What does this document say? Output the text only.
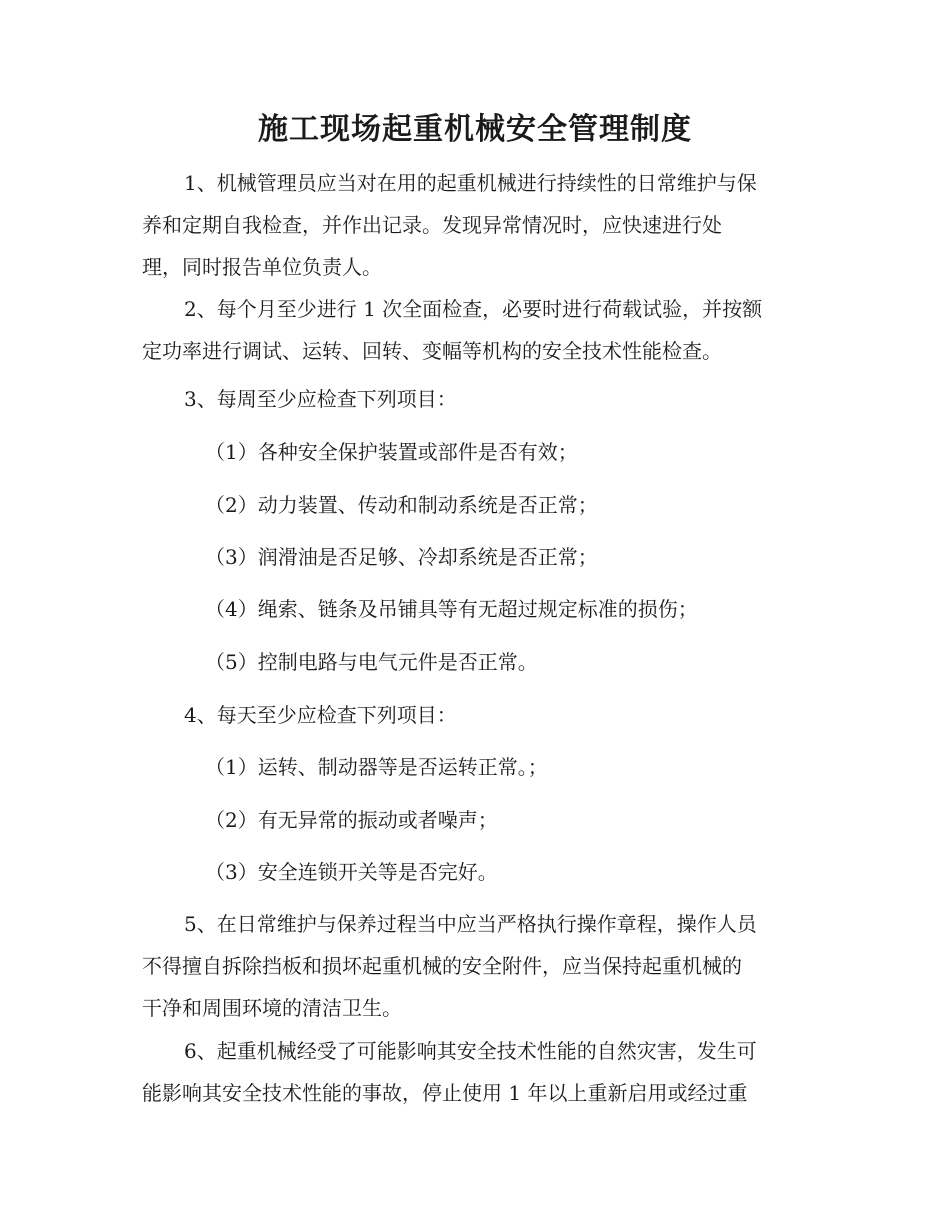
施工现场起重机械安全管理制度

1、机械管理员应当对在用的起重机械进行持续性的日常维护与保
养和定期自我检查，并作出记录。发现异常情况时，应快速进行处
理，同时报告单位负责人。

2、每个月至少进行 1 次全面检查，必要时进行荷载试验，并按额
定功率进行调试、运转、回转、变幅等机构的安全技术性能检查。

3、每周至少应检查下列项目：

（1）各种安全保护装置或部件是否有效；

（2）动力装置、传动和制动系统是否正常；

（3）润滑油是否足够、冷却系统是否正常；

（4）绳索、链条及吊铺具等有无超过规定标准的损伤；

（5）控制电路与电气元件是否正常。

4、每天至少应检查下列项目：

（1）运转、制动器等是否运转正常。；

（2）有无异常的振动或者噪声；

（3）安全连锁开关等是否完好。

5、在日常维护与保养过程当中应当严格执行操作章程，操作人员
不得擅自拆除挡板和损坏起重机械的安全附件，应当保持起重机械的
干净和周围环境的清洁卫生。

6、起重机械经受了可能影响其安全技术性能的自然灾害，发生可
能影响其安全技术性能的事故，停止使用 1 年以上重新启用或经过重
